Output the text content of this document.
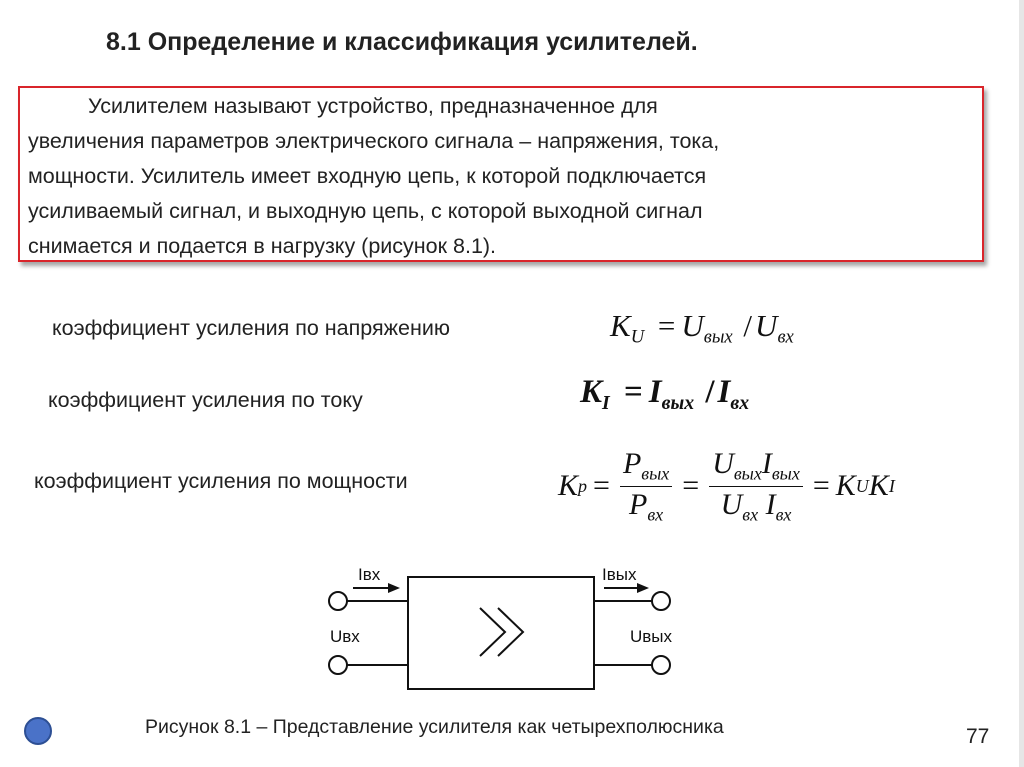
8.1 Определение и классификация усилителей.
Усилителем называют устройство, предназначенное для
увеличения параметров электрического сигнала – напряжения, тока,
мощности. Усилитель имеет входную цепь, к которой подключается
усиливаемый сигнал, и выходную цепь, с которой выходной сигнал
снимается и подается в нагрузку (рисунок 8.1).
коэффициент усиления по напряжению	$K_U = U_{вых}$ $/U_{вх}$
коэффициент усиления по току	$K_I = I_{вых}$ $/I_{вх}$
коэффициент усиления по мощности	K $p = \frac{P_{вых}}{P_{вх}} = \frac{U_{вых}I_{вых}}{U_{вх} I_{вх}} = K$ U K I
Iвх	Iвых
Uвх	Uвых
Рисунок 8.1 – Представление усилителя как четырехполюсника	77
